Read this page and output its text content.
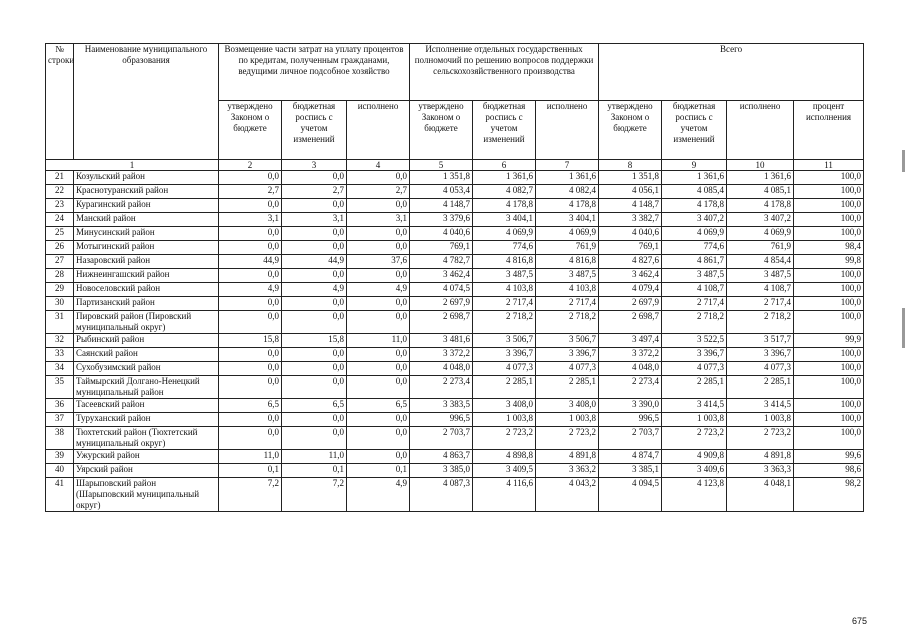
№ строки	Наименование муниципального образования	Возмещение части затрат на уплату процентов по кредитам, полученным гражданами, ведущими личное подсобное хозяйство			Исполнение отдельных государственных полномочий по решению вопросов поддержки сельскохозяйственного производства			Всего			
		утверждено Законом о бюджете	бюджетная роспись с учетом изменений	исполнено	утверждено Законом о бюджете	бюджетная роспись с учетом изменений	исполнено	утверждено Законом о бюджете	бюджетная роспись с учетом изменений	исполнено	процент исполнения
1		2	3	4	5	6	7	8	9	10	11
21	Козульский район	0,0	0,0	0,0	1 351,8	1 361,6	1 361,6	1 351,8	1 361,6	1 361,6	100,0
22	Краснотуранский район	2,7	2,7	2,7	4 053,4	4 082,7	4 082,4	4 056,1	4 085,4	4 085,1	100,0
23	Курагинский район	0,0	0,0	0,0	4 148,7	4 178,8	4 178,8	4 148,7	4 178,8	4 178,8	100,0
24	Манский район	3,1	3,1	3,1	3 379,6	3 404,1	3 404,1	3 382,7	3 407,2	3 407,2	100,0
25	Минусинский район	0,0	0,0	0,0	4 040,6	4 069,9	4 069,9	4 040,6	4 069,9	4 069,9	100,0
26	Мотыгинский район	0,0	0,0	0,0	769,1	774,6	761,9	769,1	774,6	761,9	98,4
27	Назаровский район	44,9	44,9	37,6	4 782,7	4 816,8	4 816,8	4 827,6	4 861,7	4 854,4	99,8
28	Нижнеингашский район	0,0	0,0	0,0	3 462,4	3 487,5	3 487,5	3 462,4	3 487,5	3 487,5	100,0
29	Новоселовский район	4,9	4,9	4,9	4 074,5	4 103,8	4 103,8	4 079,4	4 108,7	4 108,7	100,0
30	Партизанский район	0,0	0,0	0,0	2 697,9	2 717,4	2 717,4	2 697,9	2 717,4	2 717,4	100,0
31	Пировский район (Пировский муниципальный округ)	0,0	0,0	0,0	2 698,7	2 718,2	2 718,2	2 698,7	2 718,2	2 718,2	100,0
32	Рыбинский район	15,8	15,8	11,0	3 481,6	3 506,7	3 506,7	3 497,4	3 522,5	3 517,7	99,9
33	Саянский район	0,0	0,0	0,0	3 372,2	3 396,7	3 396,7	3 372,2	3 396,7	3 396,7	100,0
34	Сухобузимский район	0,0	0,0	0,0	4 048,0	4 077,3	4 077,3	4 048,0	4 077,3	4 077,3	100,0
35	Таймырский Долгано-Ненецкий муниципальный район	0,0	0,0	0,0	2 273,4	2 285,1	2 285,1	2 273,4	2 285,1	2 285,1	100,0
36	Тасеевский район	6,5	6,5	6,5	3 383,5	3 408,0	3 408,0	3 390,0	3 414,5	3 414,5	100,0
37	Туруханский район	0,0	0,0	0,0	996,5	1 003,8	1 003,8	996,5	1 003,8	1 003,8	100,0
38	Тюхтетский район (Тюхтетский муниципальный округ)	0,0	0,0	0,0	2 703,7	2 723,2	2 723,2	2 703,7	2 723,2	2 723,2	100,0
39	Ужурский район	11,0	11,0	0,0	4 863,7	4 898,8	4 891,8	4 874,7	4 909,8	4 891,8	99,6
40	Уярский район	0,1	0,1	0,1	3 385,0	3 409,5	3 363,2	3 385,1	3 409,6	3 363,3	98,6
41	Шарыповский район (Шарыповский муниципальный округ)	7,2	7,2	4,9	4 087,3	4 116,6	4 043,2	4 094,5	4 123,8	4 048,1	98,2
675
